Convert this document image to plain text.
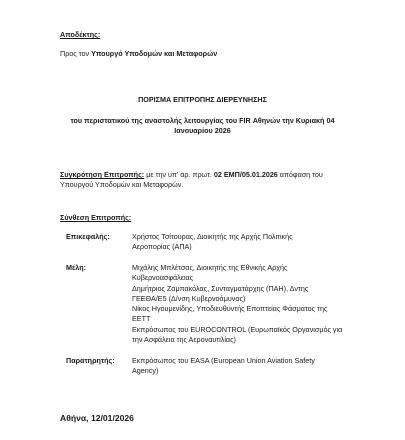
Αποδέκτης:
Προς τον Υπουργό Υποδομών και Μεταφορών
ΠΟΡΙΣΜΑ ΕΠΙΤΡΟΠΗΣ ΔΙΕΡΕΥΝΗΣΗΣ
του περιστατικού της αναστολής λειτουργίας του FIR Αθηνών την Κυριακή 04
Ιανουαρίου 2026
Συγκρότηση Επιτροπής: με την υπ' αρ. πρωτ. 02 ΕΜΠ/05.01.2026 απόφαση του
Υπουργού Υποδομών και Μεταφορών.
Σύνθεση Επιτροπής:
Επικεφαλής:	Χρήστος Τσίτουρας, Διοικητής της Αρχής Πολιτικής
Αεροπορίας (ΑΠΑ)
Μέλη:	Μιχάλης Μπλέτσας, Διοικητής της Εθνικής Αρχής
Κυβερνοασφάλειας
Δημήτριος Ζαμπακόλας, Συνταγματάρχης (ΠΑΗ), Δντης
ΓΕΕΘΑ/Ε5 (Δ/νση Κυβερνοάμυνας)
Νίκος Ηγουμενίδης, Υποδιευθυντής Εποπτείας Φάσματος της
ΕΕΤΤ
Εκπρόσωπος του EUROCONTROL (Ευρωπαϊκός Οργανισμός για
την Ασφάλεια της Αεροναυτιλίας)
Παρατηρητής: Εκπρόσωπος του EASA (European Union Aviation Safety
Agency)
Αθήνα, 12/01/2026
